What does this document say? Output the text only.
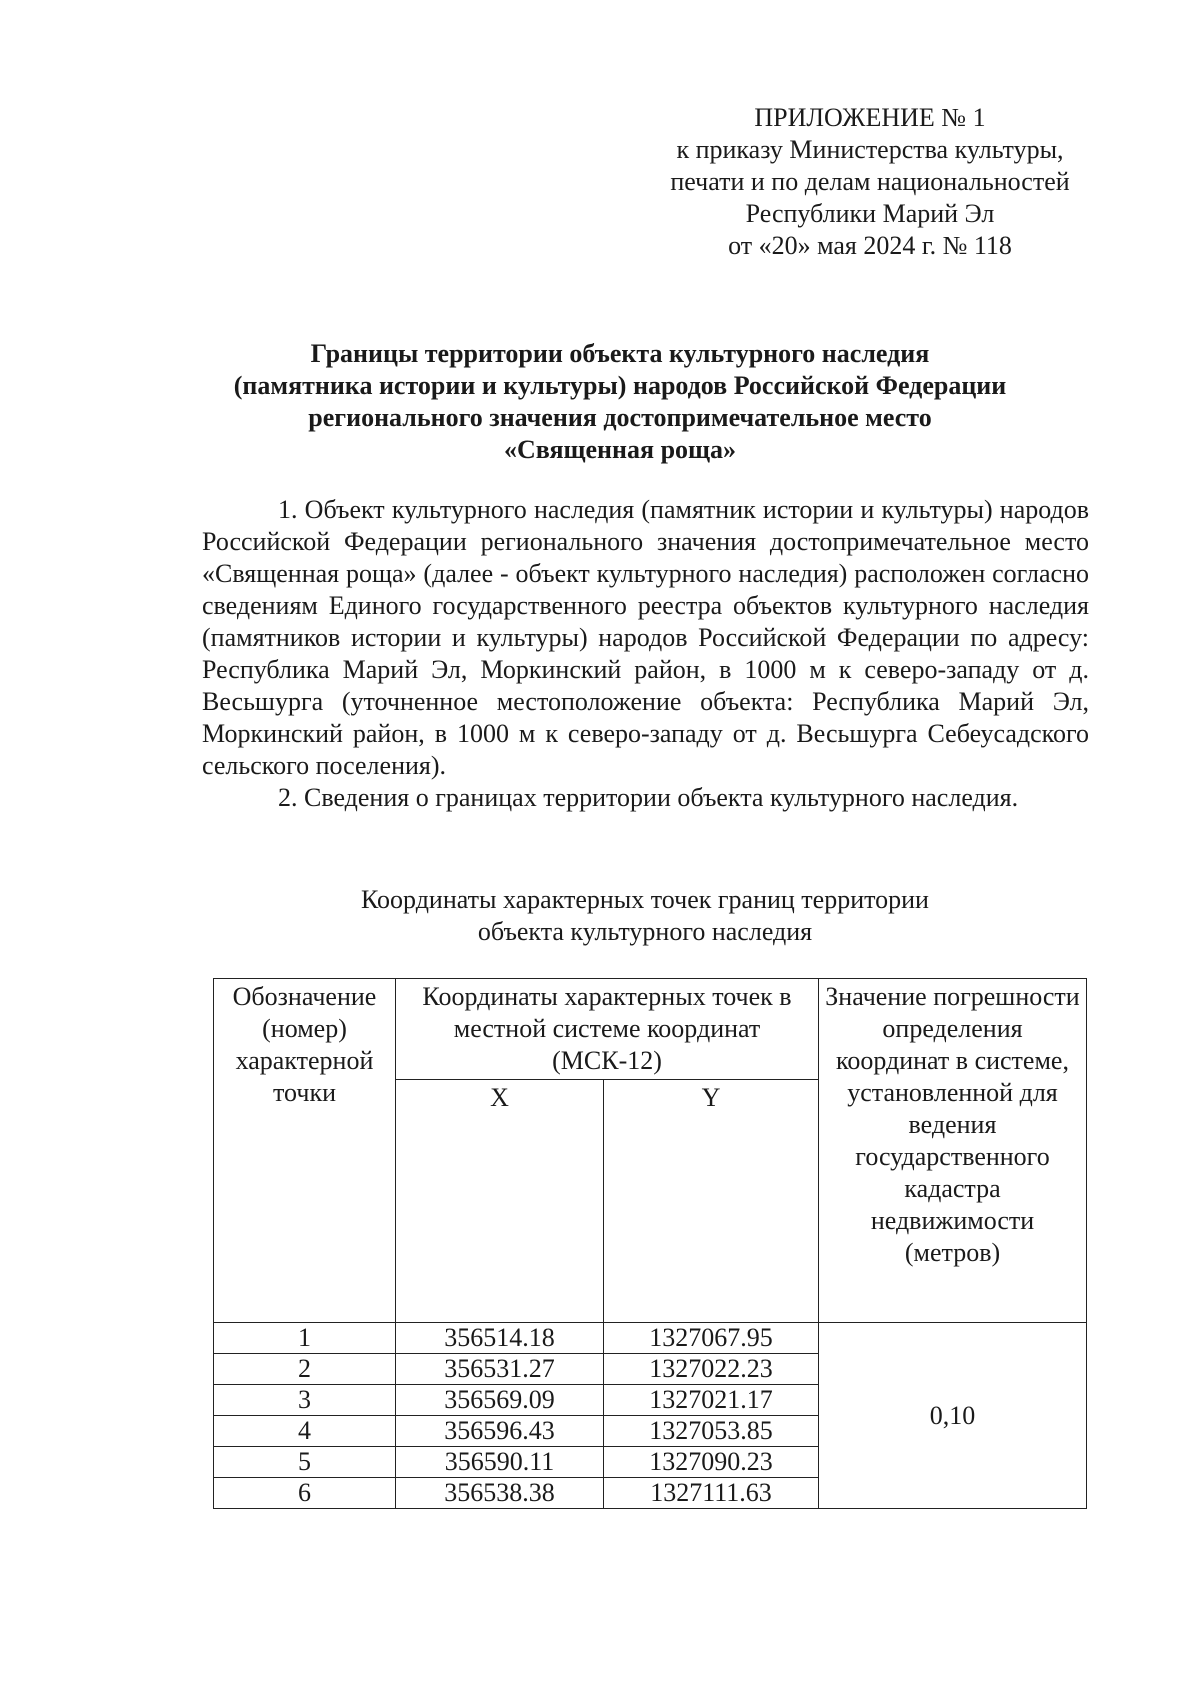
ПРИЛОЖЕНИЕ № 1
к приказу Министерства культуры,
печати и по делам национальностей
Республики Марий Эл
от «20» мая 2024 г. № 118
Границы территории объекта культурного наследия
(памятника истории и культуры) народов Российской Федерации
регионального значения достопримечательное место
«Священная роща»

1. Объект культурного наследия (памятник истории и культуры) народов Российской Федерации регионального значения достопримечательное место «Священная роща» (далее - объект культурного наследия) расположен согласно сведениям Единого государственного реестра объектов культурного наследия (памятников истории и культуры) народов Российской Федерации по адресу: Республика Марий Эл, Моркинский район, в 1000 м к северо-западу от д. Весьшурга (уточненное местоположение объекта: Республика Марий Эл, Моркинский район, в 1000 м к северо-западу от д. Весьшурга Себеусадского сельского поселения).

2. Сведения о границах территории объекта культурного наследия.

Координаты характерных точек границ территории
объекта культурного наследия
Обозначение (номер) характерной точки	Координаты характерных точек в местной системе координат (МСК-12)		Значение погрешности определения координат в системе, установленной для ведения государственного кадастра недвижимости (метров)
	X	Y	
1	356514.18	1327067.95	0,10
2	356531.27	1327022.23	
3	356569.09	1327021.17	
4	356596.43	1327053.85	
5	356590.11	1327090.23	
6	356538.38	1327111.63	
